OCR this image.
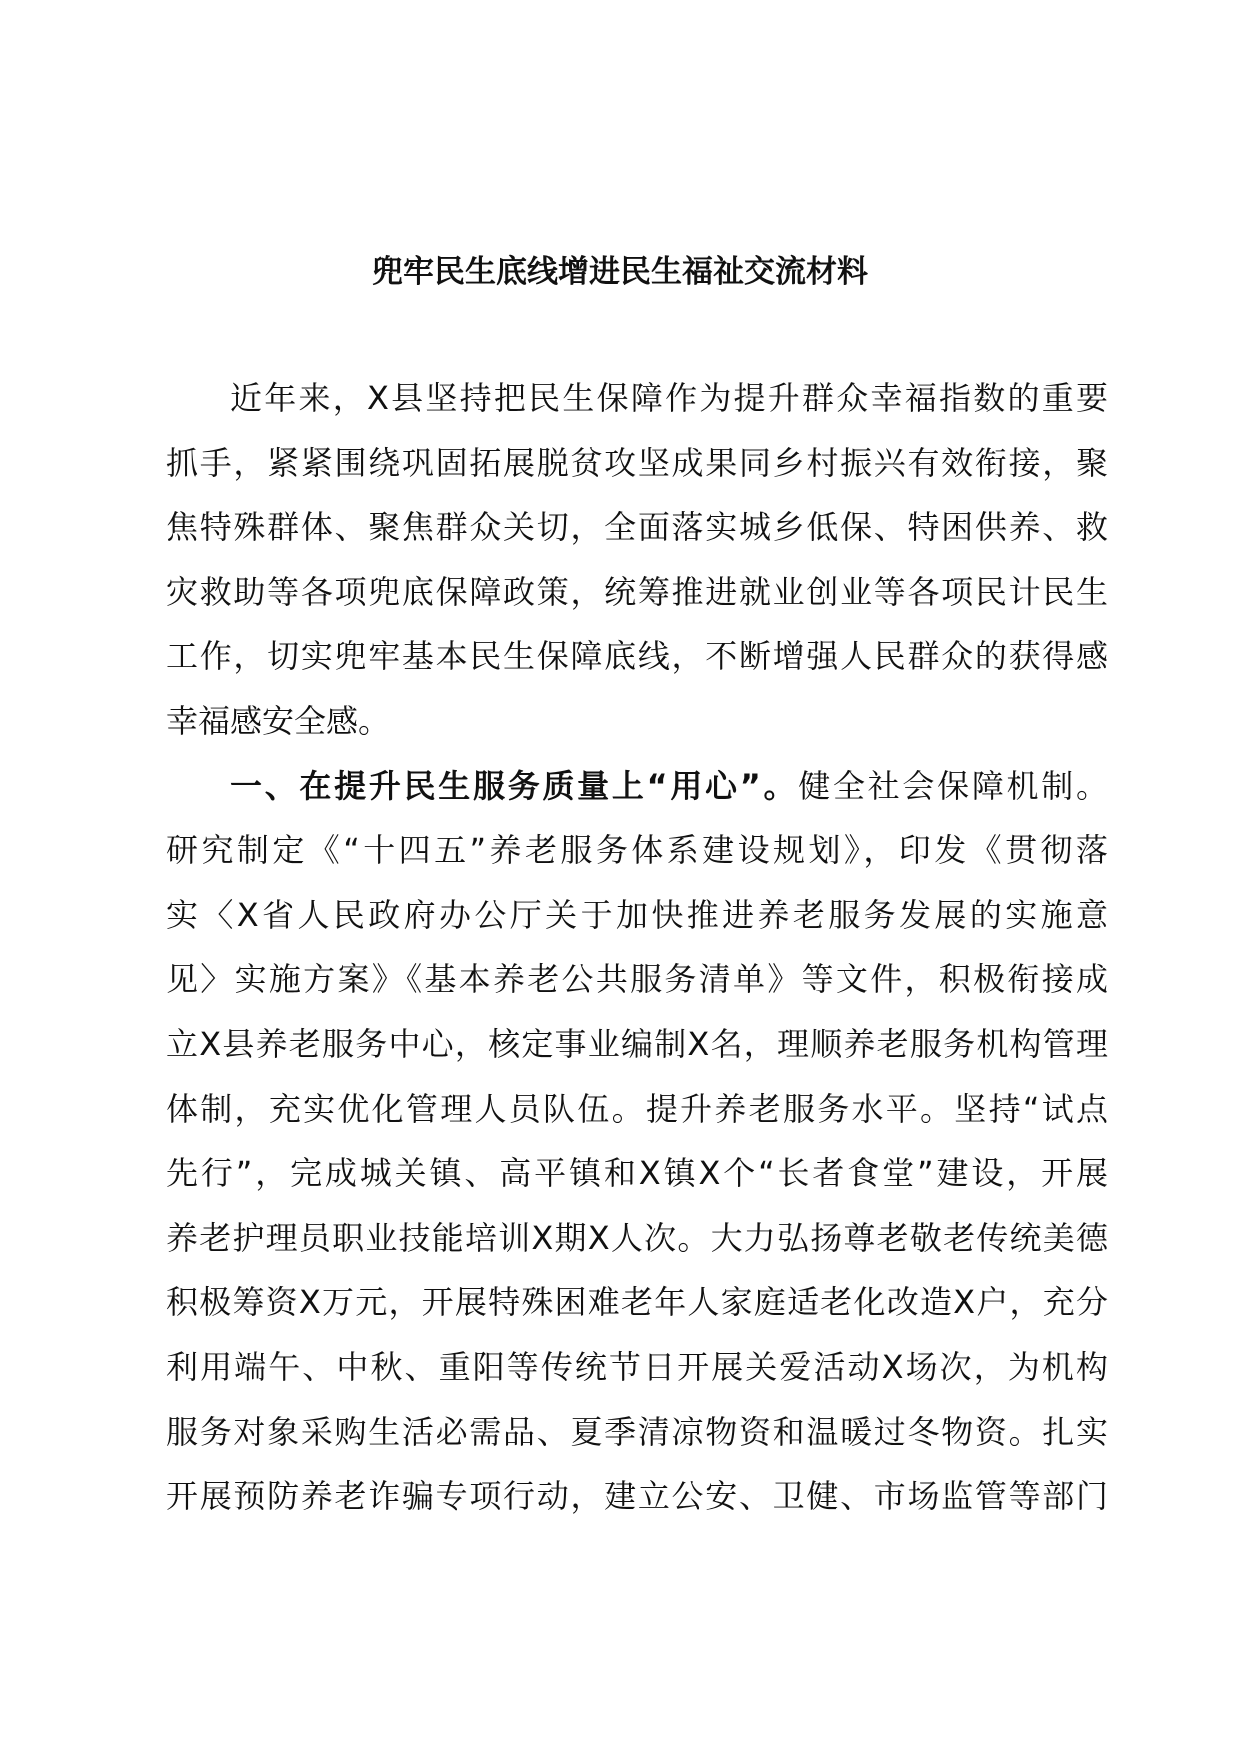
兜牢民生底线增进民生福祉交流材料
近年来，X县坚持把民生保障作为提升群众幸福指数的重要
抓手，紧紧围绕巩固拓展脱贫攻坚成果同乡村振兴有效衔接，聚
焦特殊群体、聚焦群众关切，全面落实城乡低保、特困供养、救
灾救助等各项兜底保障政策，统筹推进就业创业等各项民计民生
工作，切实兜牢基本民生保障底线，不断增强人民群众的获得感
幸福感安全感。
一、在提升民生服务质量上“用心”。健全社会保障机制。
研究制定《“十四五”养老服务体系建设规划》，印发《贯彻落
实〈X省人民政府办公厅关于加快推进养老服务发展的实施意
见〉实施方案》《基本养老公共服务清单》等文件，积极衔接成
立X县养老服务中心，核定事业编制X名，理顺养老服务机构管理
体制，充实优化管理人员队伍。提升养老服务水平。坚持“试点
先行”，完成城关镇、高平镇和X镇X个“长者食堂”建设，开展
养老护理员职业技能培训X期X人次。大力弘扬尊老敬老传统美德
积极筹资X万元，开展特殊困难老年人家庭适老化改造X户，充分
利用端午、中秋、重阳等传统节日开展关爱活动X场次，为机构
服务对象采购生活必需品、夏季清凉物资和温暖过冬物资。扎实
开展预防养老诈骗专项行动，建立公安、卫健、市场监管等部门
